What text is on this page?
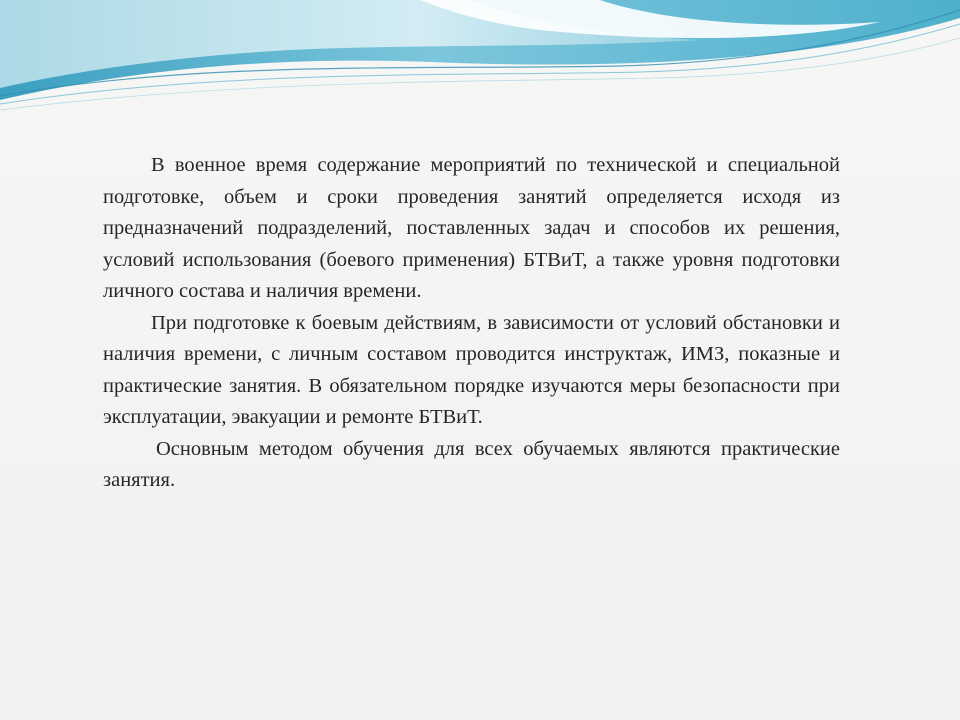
В военное время содержание мероприятий по технической и специальной подготовке, объем и сроки проведения занятий определяется исходя из предназначений подразделений, поставленных задач и способов их решения, условий использования (боевого применения) БТВиТ, а также уровня подготовки личного состава и наличия времени.

При подготовке к боевым действиям, в зависимости от условий обстановки и наличия времени, с личным составом проводится инструктаж, ИМЗ, показные и практические занятия. В обязательном порядке изучаются меры безопасности при эксплуатации, эвакуации и ремонте БТВиТ.

Основным методом обучения для всех обучаемых являются практические занятия.
